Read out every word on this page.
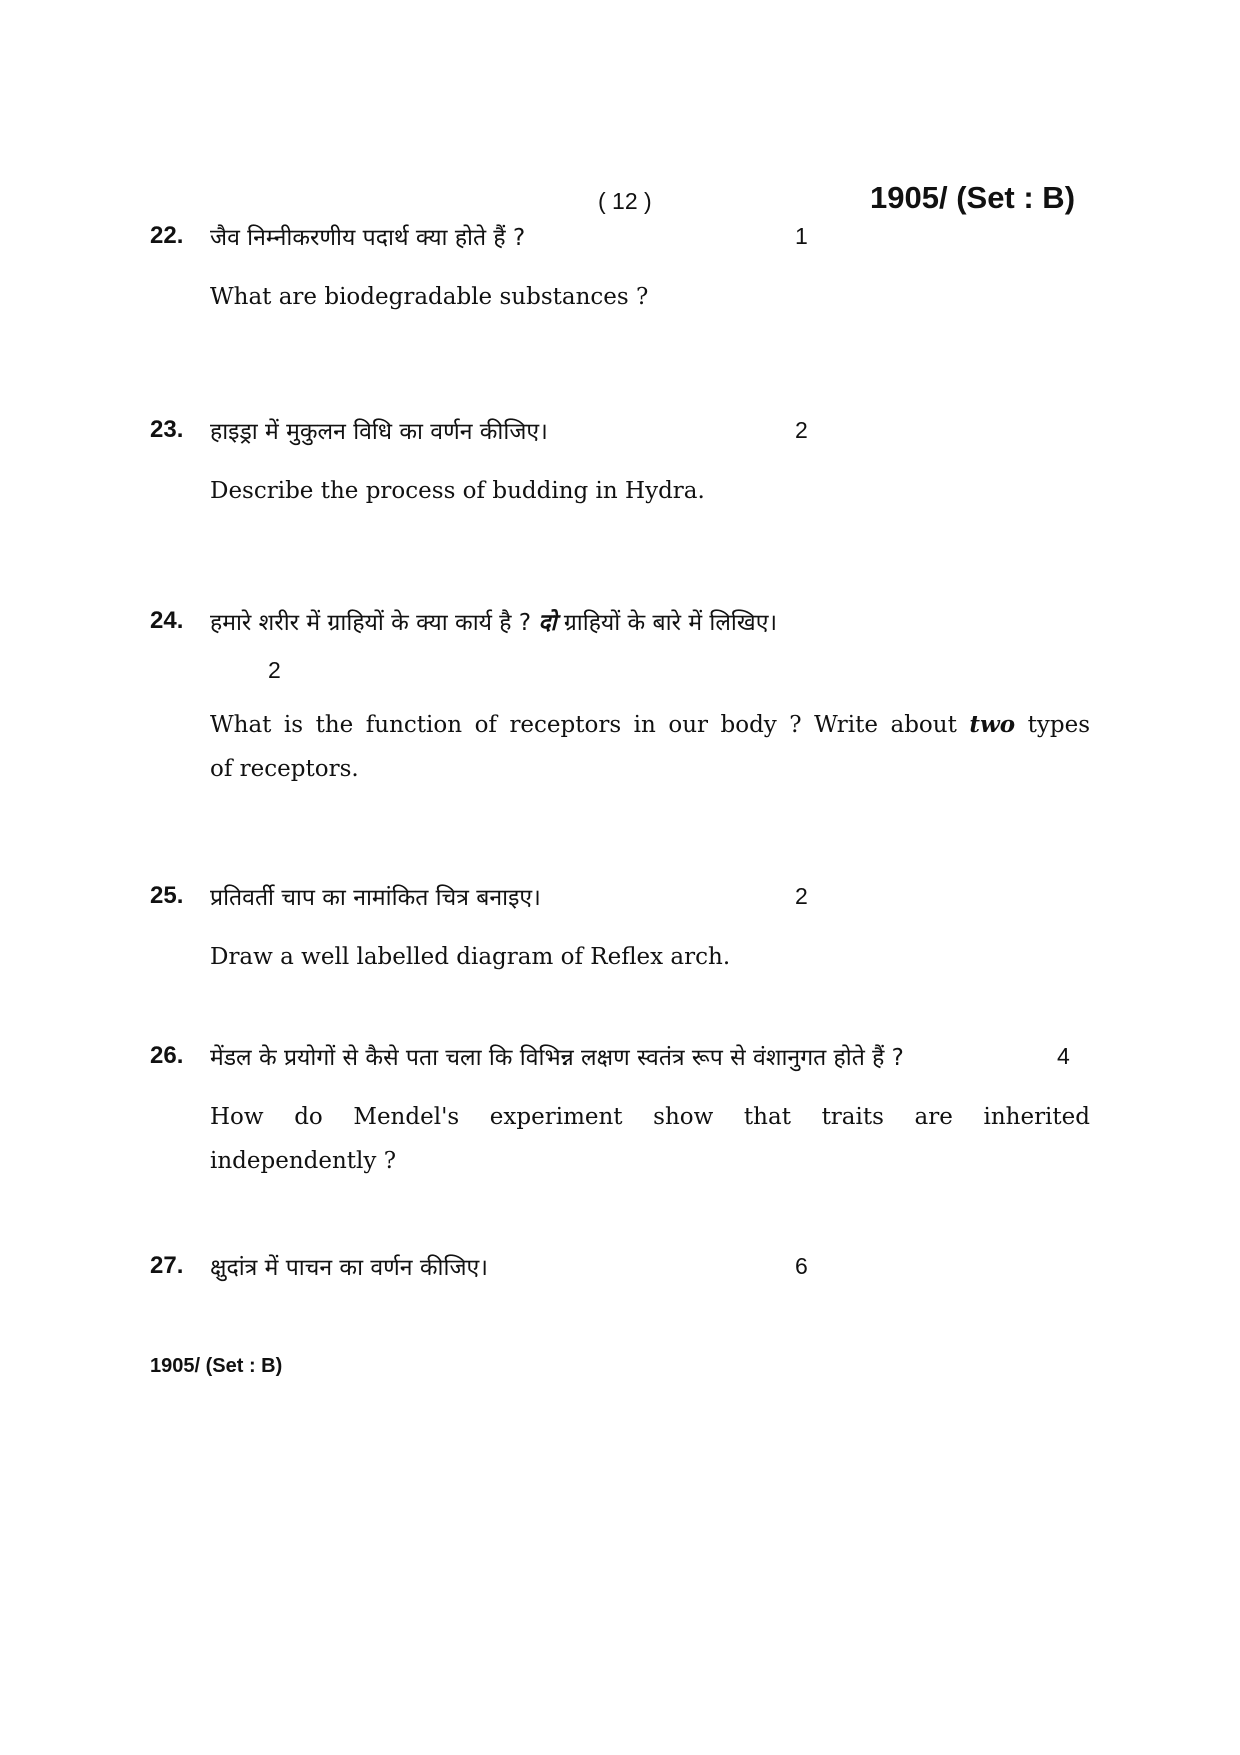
( 12 )	1905/ (Set : B)
22. जैव निम्नीकरणीय पदार्थ क्या होते हैं ?	1
What are biodegradable substances ?
23. हाइड्रा में मुकुलन विधि का वर्णन कीजिए।	2
Describe the process of budding in Hydra.
24. हमारे शरीर में ग्राहियों के क्या कार्य है ? दो ग्राहियों के बारे में लिखिए।
2
What is the function of receptors in our body ? Write about two types
of receptors.
25. प्रतिवर्ती चाप का नामांकित चित्र बनाइए।	2
Draw a well labelled diagram of Reflex arch.
26. मेंडल के प्रयोगों से कैसे पता चला कि विभिन्न लक्षण स्वतंत्र रूप से वंशानुगत होते हैं ?	4
How do Mendel's experiment show that traits are inherited
independently ?
27. क्षुदांत्र में पाचन का वर्णन कीजिए।	6
1905/ (Set : B)
